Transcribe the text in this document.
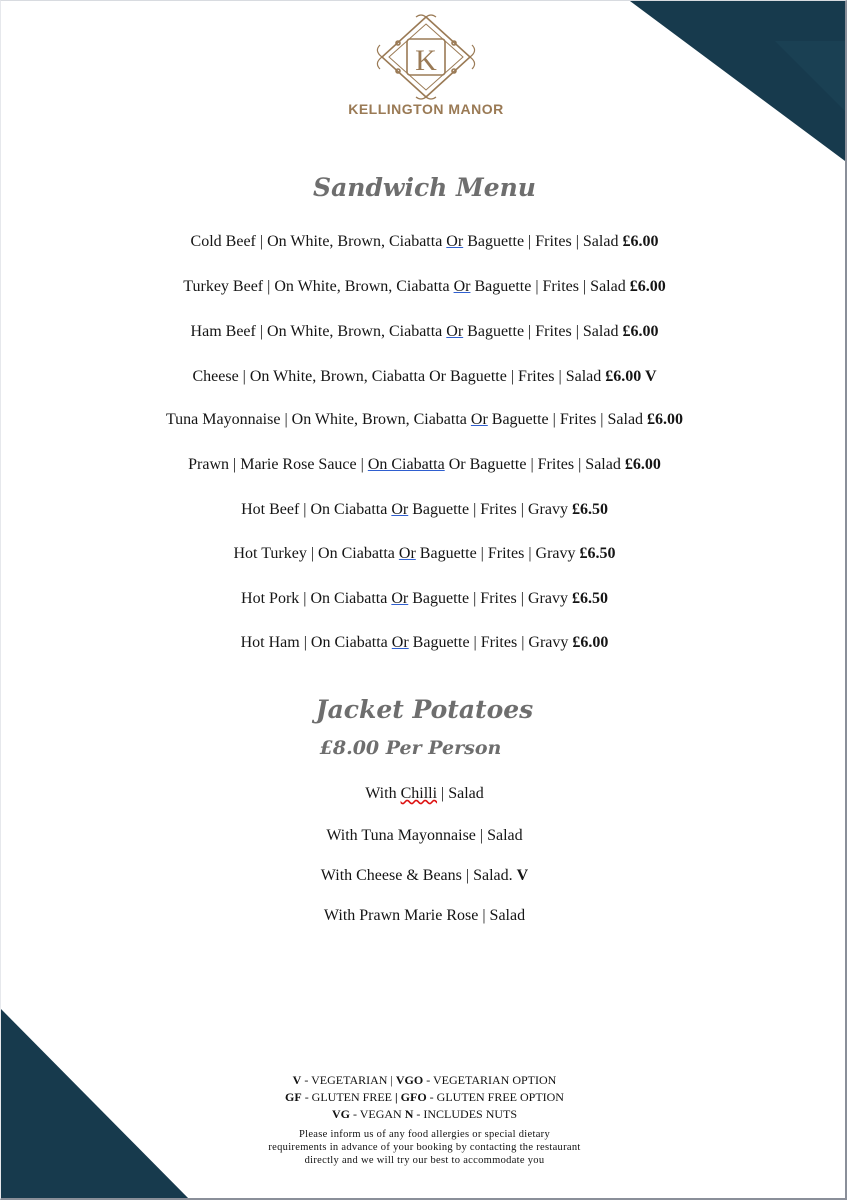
K
KELLINGTON MANOR
Sandwich Menu
Cold Beef | On White, Brown, Ciabatta Or Baguette | Frites | Salad £6.00
Turkey Beef | On White, Brown, Ciabatta Or Baguette | Frites | Salad £6.00
Ham Beef | On White, Brown, Ciabatta Or Baguette | Frites | Salad £6.00
Cheese | On White, Brown, Ciabatta Or Baguette | Frites | Salad £6.00 V
Tuna Mayonnaise | On White, Brown, Ciabatta Or Baguette | Frites | Salad £6.00
Prawn | Marie Rose Sauce | On Ciabatta Or Baguette | Frites | Salad £6.00
Hot Beef | On Ciabatta Or Baguette | Frites | Gravy £6.50
Hot Turkey | On Ciabatta Or Baguette | Frites | Gravy £6.50
Hot Pork | On Ciabatta Or Baguette | Frites | Gravy £6.50
Hot Ham | On Ciabatta Or Baguette | Frites | Gravy £6.00
Jacket Potatoes
£8.00 Per Person
With Chilli | Salad
With Tuna Mayonnaise | Salad
With Cheese & Beans | Salad. V
With Prawn Marie Rose | Salad
V - VEGETARIAN | VGO - VEGETARIAN OPTION
GF - GLUTEN FREE | GFO - GLUTEN FREE OPTION
VG - VEGAN N - INCLUDES NUTS
Please inform us of any food allergies or special dietary
requirements in advance of your booking by contacting the restaurant
directly and we will try our best to accommodate you
